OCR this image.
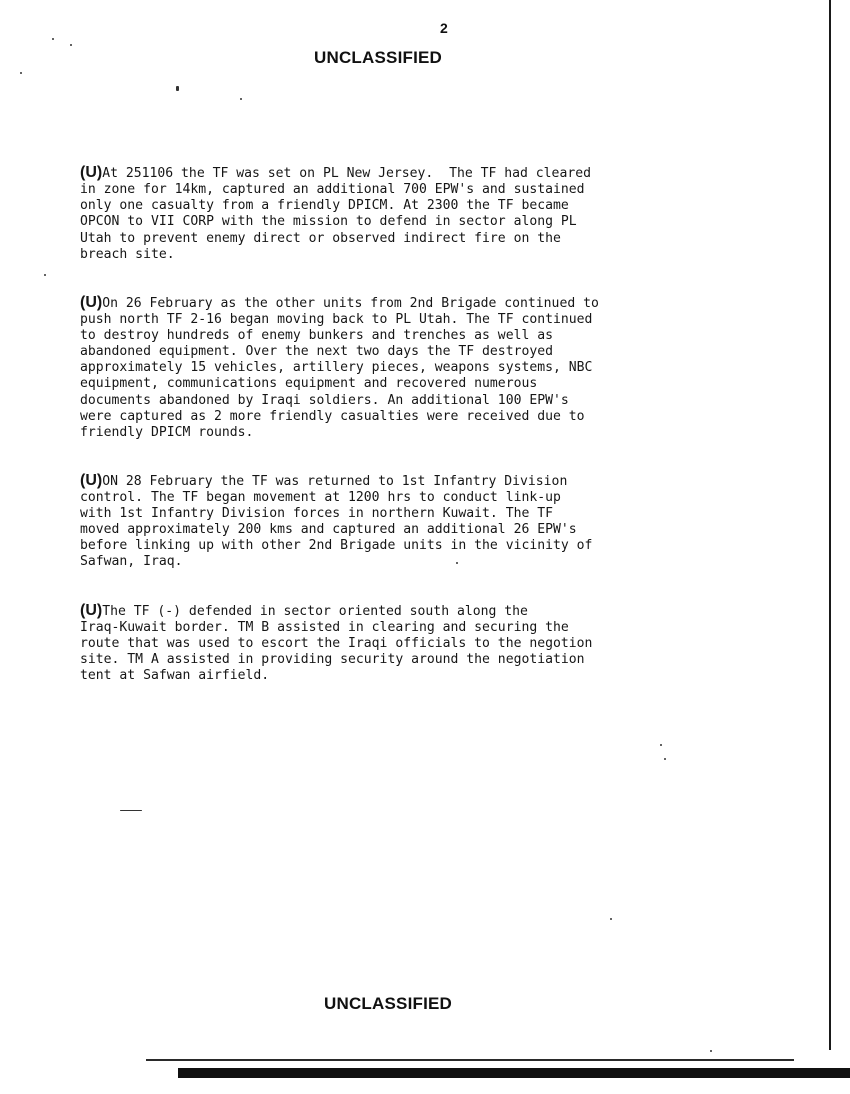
2
UNCLASSIFIED

(U)At 251106 the TF was set on PL New Jersey.  The TF had cleared
in zone for 14km, captured an additional 700 EPW's and sustained
only one casualty from a friendly DPICM. At 2300 the TF became
OPCON to VII CORP with the mission to defend in sector along PL
Utah to prevent enemy direct or observed indirect fire on the
breach site.

(U)On 26 February as the other units from 2nd Brigade continued to
push north TF 2-16 began moving back to PL Utah. The TF continued
to destroy hundreds of enemy bunkers and trenches as well as
abandoned equipment. Over the next two days the TF destroyed
approximately 15 vehicles, artillery pieces, weapons systems, NBC
equipment, communications equipment and recovered numerous
documents abandoned by Iraqi soldiers. An additional 100 EPW's
were captured as 2 more friendly casualties were received due to
friendly DPICM rounds.

(U)ON 28 February the TF was returned to 1st Infantry Division
control. The TF began movement at 1200 hrs to conduct link-up
with 1st Infantry Division forces in northern Kuwait. The TF
moved approximately 200 kms and captured an additional 26 EPW's
before linking up with other 2nd Brigade units in the vicinity of
Safwan, Iraq.

(U)The TF (-) defended in sector oriented south along the
Iraq-Kuwait border. TM B assisted in clearing and securing the
route that was used to escort the Iraqi officials to the negotion
site. TM A assisted in providing security around the negotiation
tent at Safwan airfield.

UNCLASSIFIED
